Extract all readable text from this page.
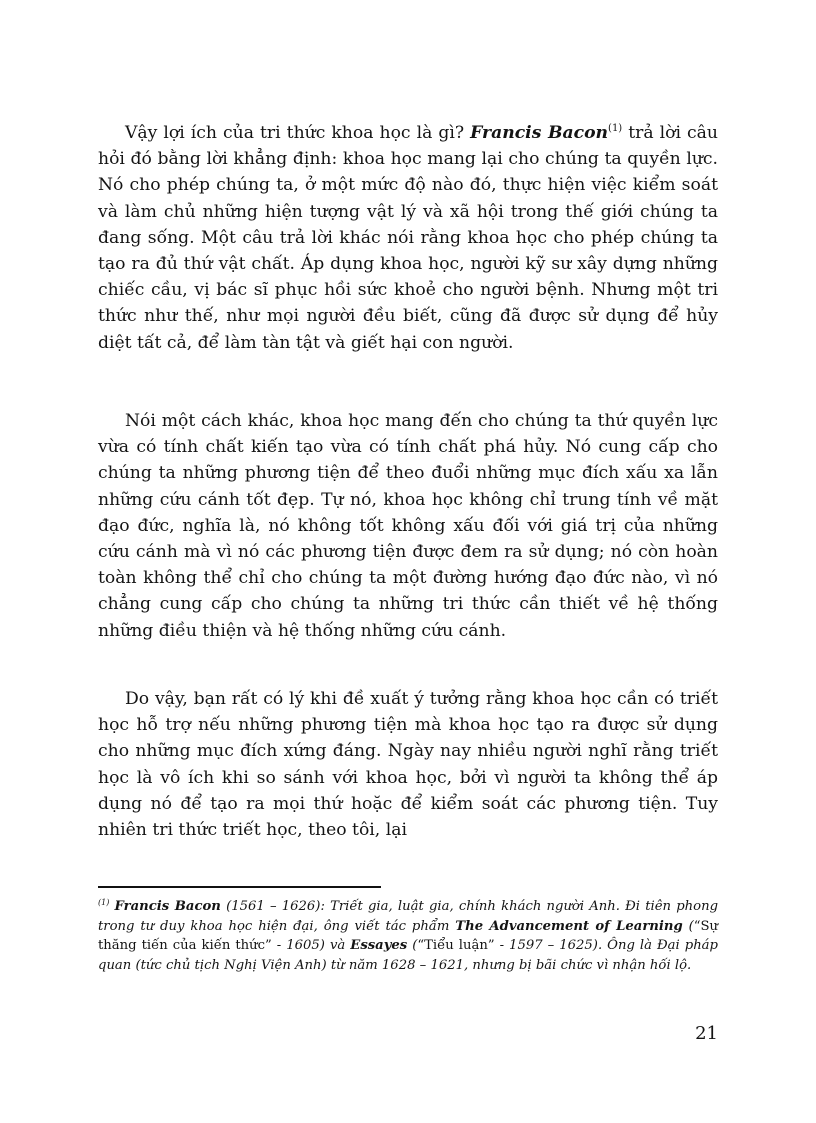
Vậy lợi ích của tri thức khoa học là gì? Francis Bacon$^{(1)}$ trả lời câu hỏi đó bằng lời khẳng định: khoa học mang lại cho chúng ta quyền lực. Nó cho phép chúng ta, ở một mức độ nào đó, thực hiện việc kiểm soát và làm chủ những hiện tượng vật lý và xã hội trong thế giới chúng ta đang sống. Một câu trả lời khác nói rằng khoa học cho phép chúng ta tạo ra đủ thứ vật chất. Áp dụng khoa học, người kỹ sư xây dựng những chiếc cầu, vị bác sĩ phục hồi sức khoẻ cho người bệnh. Nhưng một tri thức như thế, như mọi người đều biết, cũng đã được sử dụng để hủy diệt tất cả, để làm tàn tật và giết hại con người.

Nói một cách khác, khoa học mang đến cho chúng ta thứ quyền lực vừa có tính chất kiến tạo vừa có tính chất phá hủy. Nó cung cấp cho chúng ta những phương tiện để theo đuổi những mục đích xấu xa lẫn những cứu cánh tốt đẹp. Tự nó, khoa học không chỉ trung tính về mặt đạo đức, nghĩa là, nó không tốt không xấu đối với giá trị của những cứu cánh mà vì nó các phương tiện được đem ra sử dụng; nó còn hoàn toàn không thể chỉ cho chúng ta một đường hướng đạo đức nào, vì nó chẳng cung cấp cho chúng ta những tri thức cần thiết về hệ thống những điều thiện và hệ thống những cứu cánh.

Do vậy, bạn rất có lý khi đề xuất ý tưởng rằng khoa học cần có triết học hỗ trợ nếu những phương tiện mà khoa học tạo ra được sử dụng cho những mục đích xứng đáng. Ngày nay nhiều người nghĩ rằng triết học là vô ích khi so sánh với khoa học, bởi vì người ta không thể áp dụng nó để tạo ra mọi thứ hoặc để kiểm soát các phương tiện. Tuy nhiên tri thức triết học, theo tôi, lại

$^{(1)}$ Francis Bacon (1561 – 1626): Triết gia, luật gia, chính khách người Anh. Đi tiên phong trong tư duy khoa học hiện đại, ông viết tác phẩm The Advancement of Learning (“Sự thăng tiến của kiến thức” - 1605) và Essayes (“Tiểu luận” - 1597 – 1625). Ông là Đại pháp quan (tức chủ tịch Nghị Viện Anh) từ năm 1628 – 1621, nhưng bị bãi chức vì nhận hối lộ.

21
